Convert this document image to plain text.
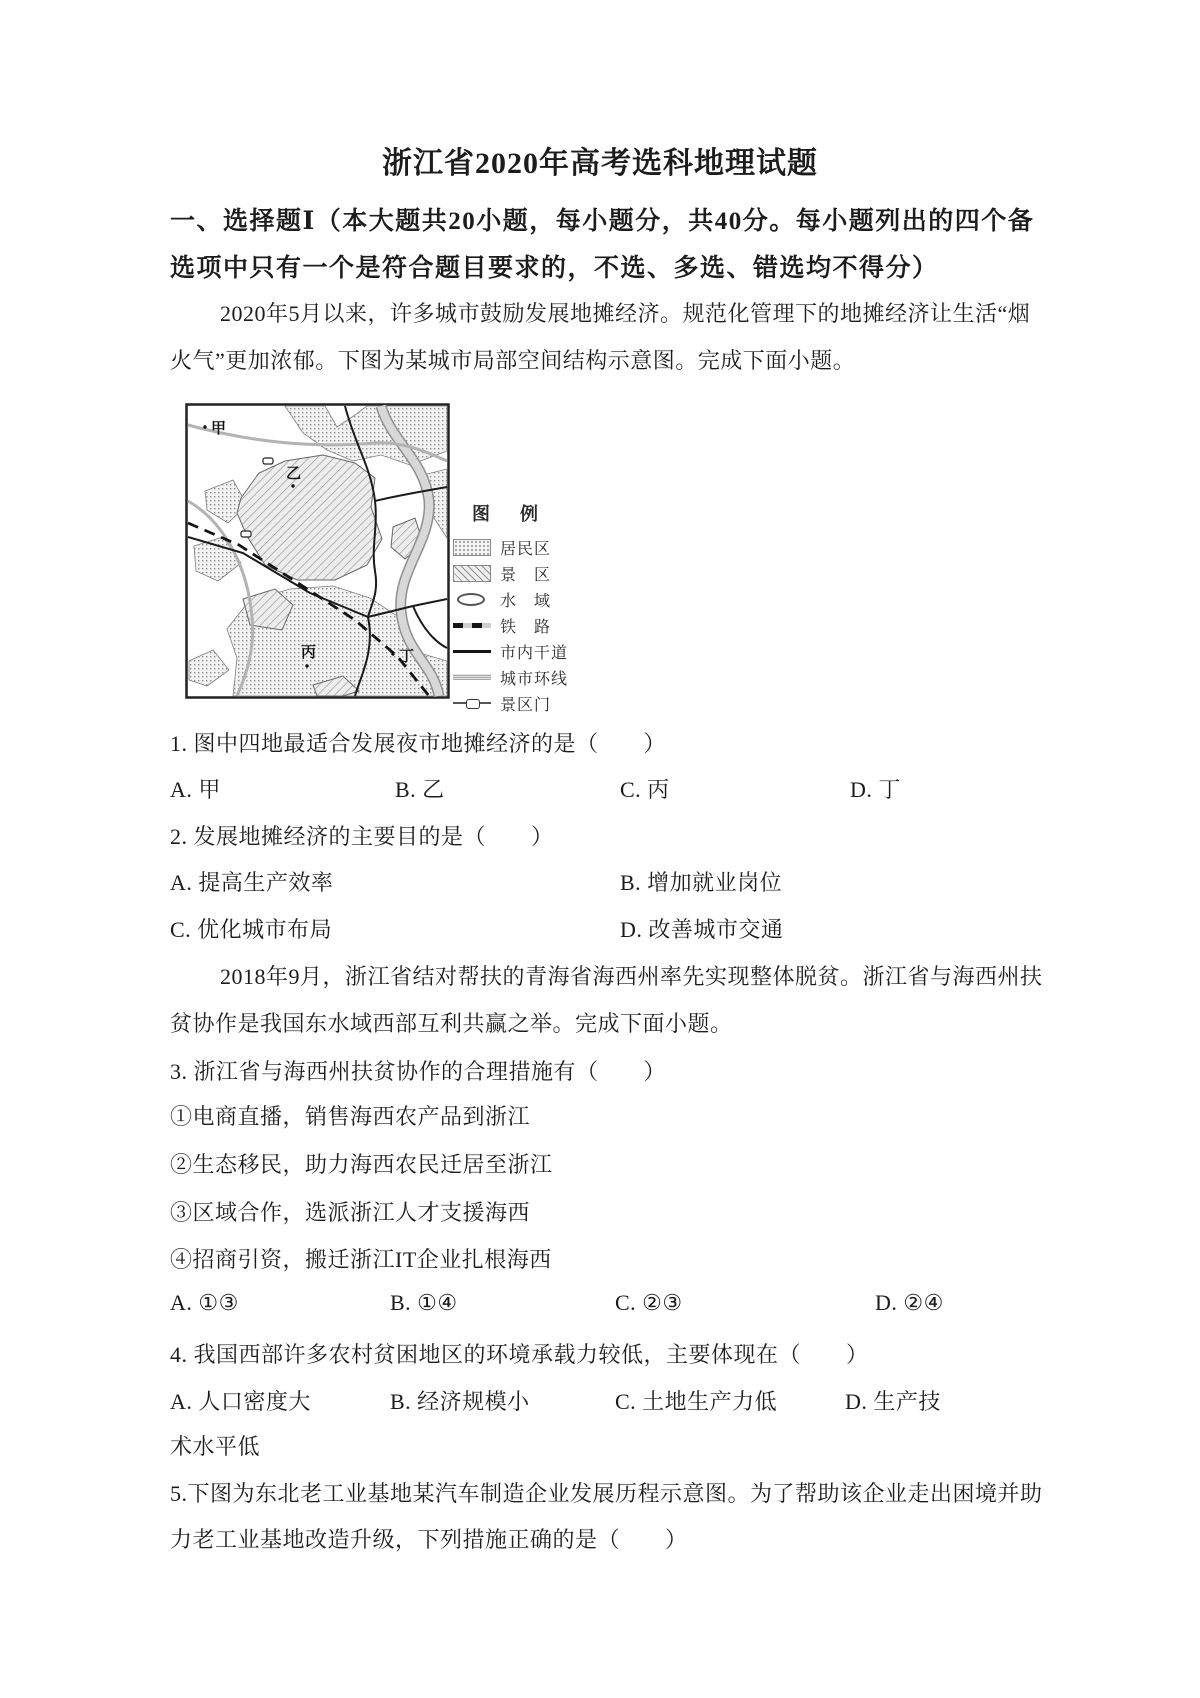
浙江省2020年高考选科地理试题
一、选择题Ⅰ（本大题共20小题，每小题分，共40分。每小题列出的四个备
选项中只有一个是符合题目要求的，不选、多选、错选均不得分）
2020年5月以来，许多城市鼓励发展地摊经济。规范化管理下的地摊经济让生活“烟
火气”更加浓郁。下图为某城市局部空间结构示意图。完成下面小题。
甲
乙
丙	丁
图　例
居民区
景　区
水　域
铁　路
市内干道
城市环线
景区门
1. 图中四地最适合发展夜市地摊经济的是（　　）
A. 甲	B. 乙	C. 丙	D. 丁
2. 发展地摊经济的主要目的是（　　）
A. 提高生产效率	B. 增加就业岗位
C. 优化城市布局	D. 改善城市交通
2018年9月，浙江省结对帮扶的青海省海西州率先实现整体脱贫。浙江省与海西州扶
贫协作是我国东水域西部互利共赢之举。完成下面小题。
3. 浙江省与海西州扶贫协作的合理措施有（　　）
①电商直播，销售海西农产品到浙江
②生态移民，助力海西农民迁居至浙江
③区域合作，选派浙江人才支援海西
④招商引资，搬迁浙江IT企业扎根海西
A. ①③	B. ①④	C. ②③	D. ②④
4. 我国西部许多农村贫困地区的环境承载力较低，主要体现在（　　）
A. 人口密度大	B. 经济规模小	C. 土地生产力低	D. 生产技
术水平低
5.下图为东北老工业基地某汽车制造企业发展历程示意图。为了帮助该企业走出困境并助
力老工业基地改造升级，下列措施正确的是（　　）
